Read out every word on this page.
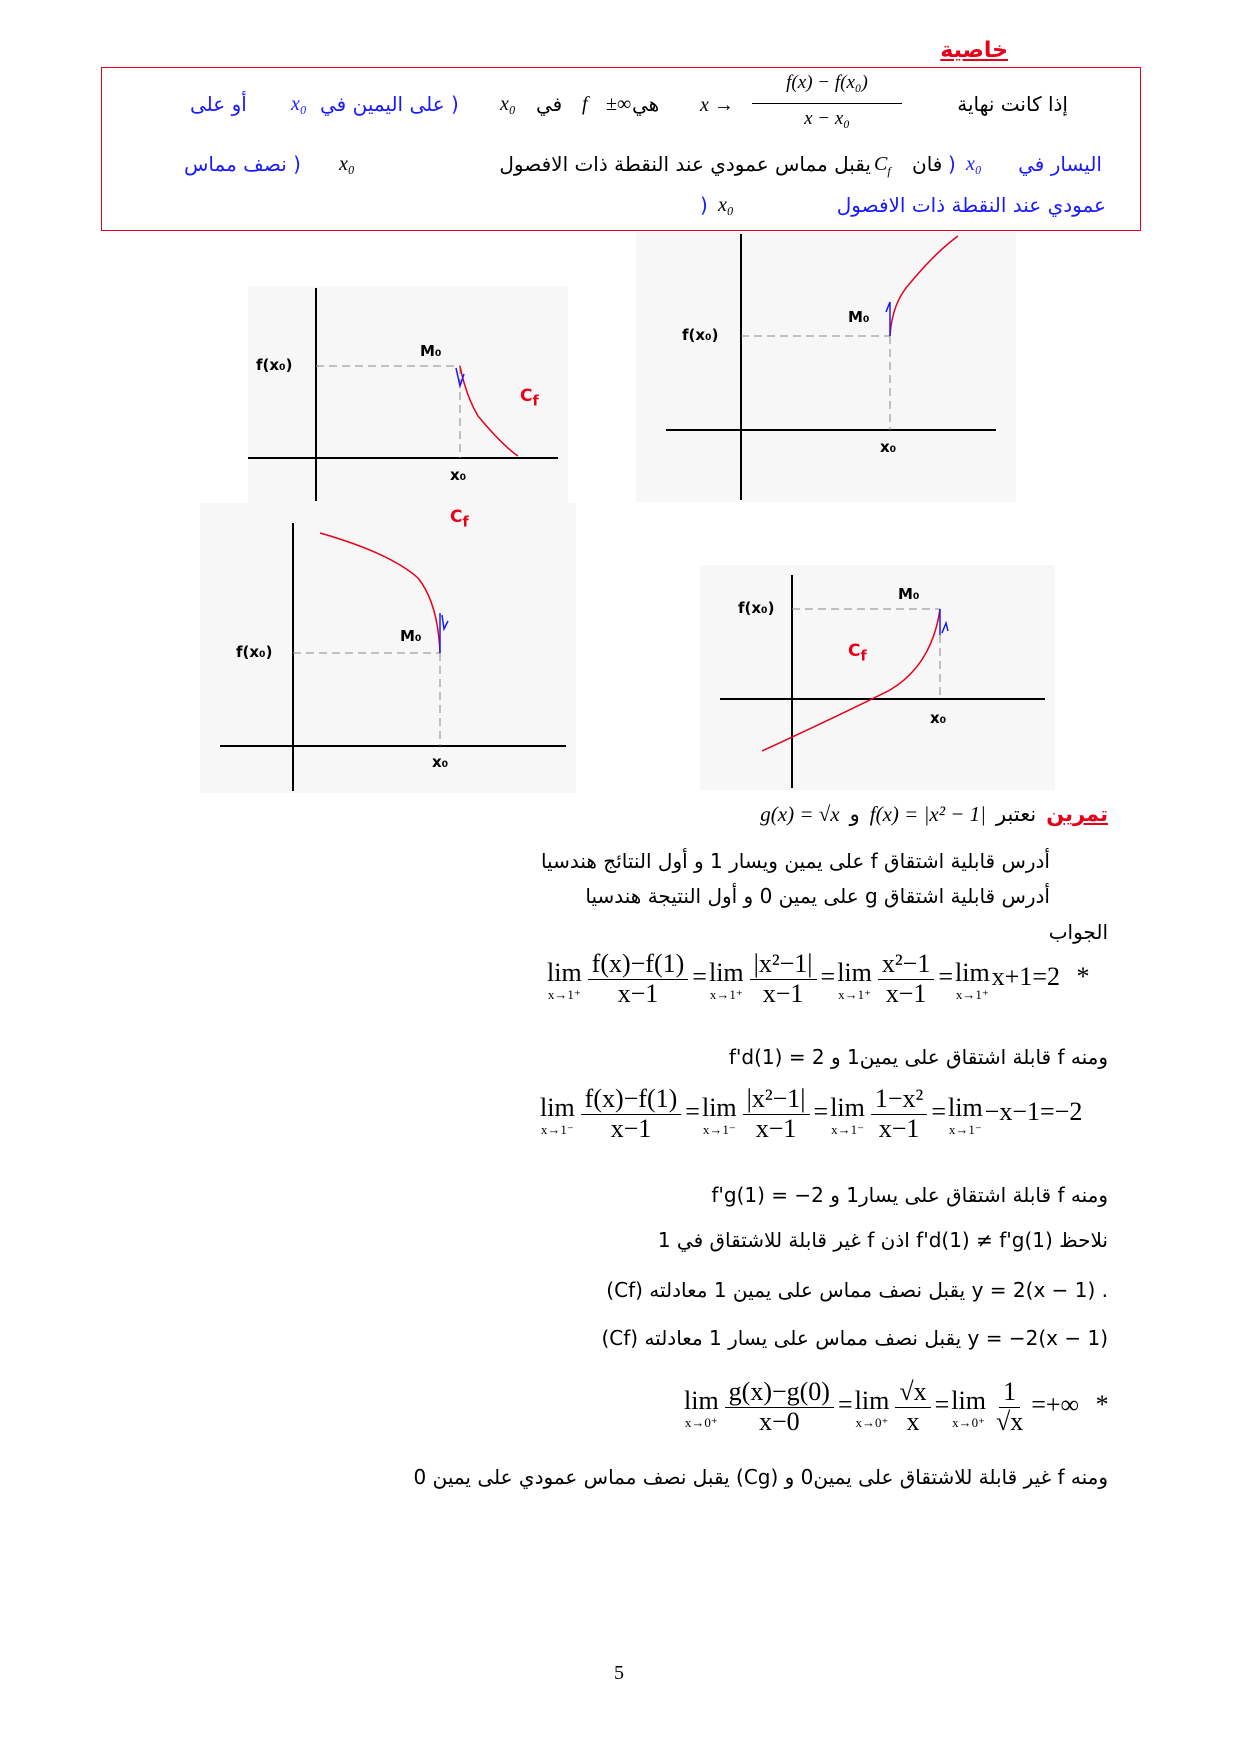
خاصية
إذا كانت نهاية
f(x) − f(x₀)
x − x₀
x →
هي
±∞
f
في
x₀
( على اليمين في
x₀
أو على
اليسار في
x₀
)
فان
$C_f$
يقبل مماس عمودي عند النقطة ذات الافصول
x₀
( نصف مماس
عمودي عند النقطة ذات الافصول
x₀
)
f(x₀)
M₀
x₀
$C_f$
f(x₀)
M₀
x₀
f(x₀)
M₀
x₀
$C_f$
f(x₀)
M₀
x₀
$C_f$
تمرين
نعتبر
f(x) = |x² − 1|
و
g(x) = √x
أدرس قابلية اشتقاق f على يمين ويسار 1 و أول النتائج هندسيا
أدرس قابلية اشتقاق g على يمين 0 و أول النتيجة هندسيا
الجواب
lim
$x\to 1^+ \frac{f(x)-f(1)}{x-1} = \lim$
$x\to 1^+ \frac{\text{|x²−1|}}{x-1} = \lim$
$x\to 1^+ \frac{\text{x²−1}}{x-1} = \lim$
x→1⁺
x+1=2 *
ومنه f قابلة اشتقاق على يمين1 و f'd(1) = 2
lim
$x\to 1^- \frac{f(x)-f(1)}{x-1} = \lim$
$x\to 1^- \frac{\text{|x²−1|}}{x-1} = \lim$
$x\to 1^- \frac{\text{1−x²}}{x-1} = \lim$
x→1⁻
−x−1=−2
ومنه f قابلة اشتقاق على يسار1 و f'g(1) = −2
نلاحظ f'd(1) ≠ f'g(1) اذن f غير قابلة للاشتقاق في 1
(Cf) يقبل نصف مماس على يمين 1 معادلته y = 2(x − 1) .
(Cf) يقبل نصف مماس على يسار 1 معادلته y = −2(x − 1)
lim
$x\to 0^+ \frac{g(x)-g(0)}{x-0} = \lim$
$x\to 0^+ \frac{√x}{x} = \lim$
$x\to 0^+ \frac{1}{√x}$ =+∞ *
ومنه f غير قابلة للاشتقاق على يمين0 و (Cg) يقبل نصف مماس عمودي على يمين 0
5
